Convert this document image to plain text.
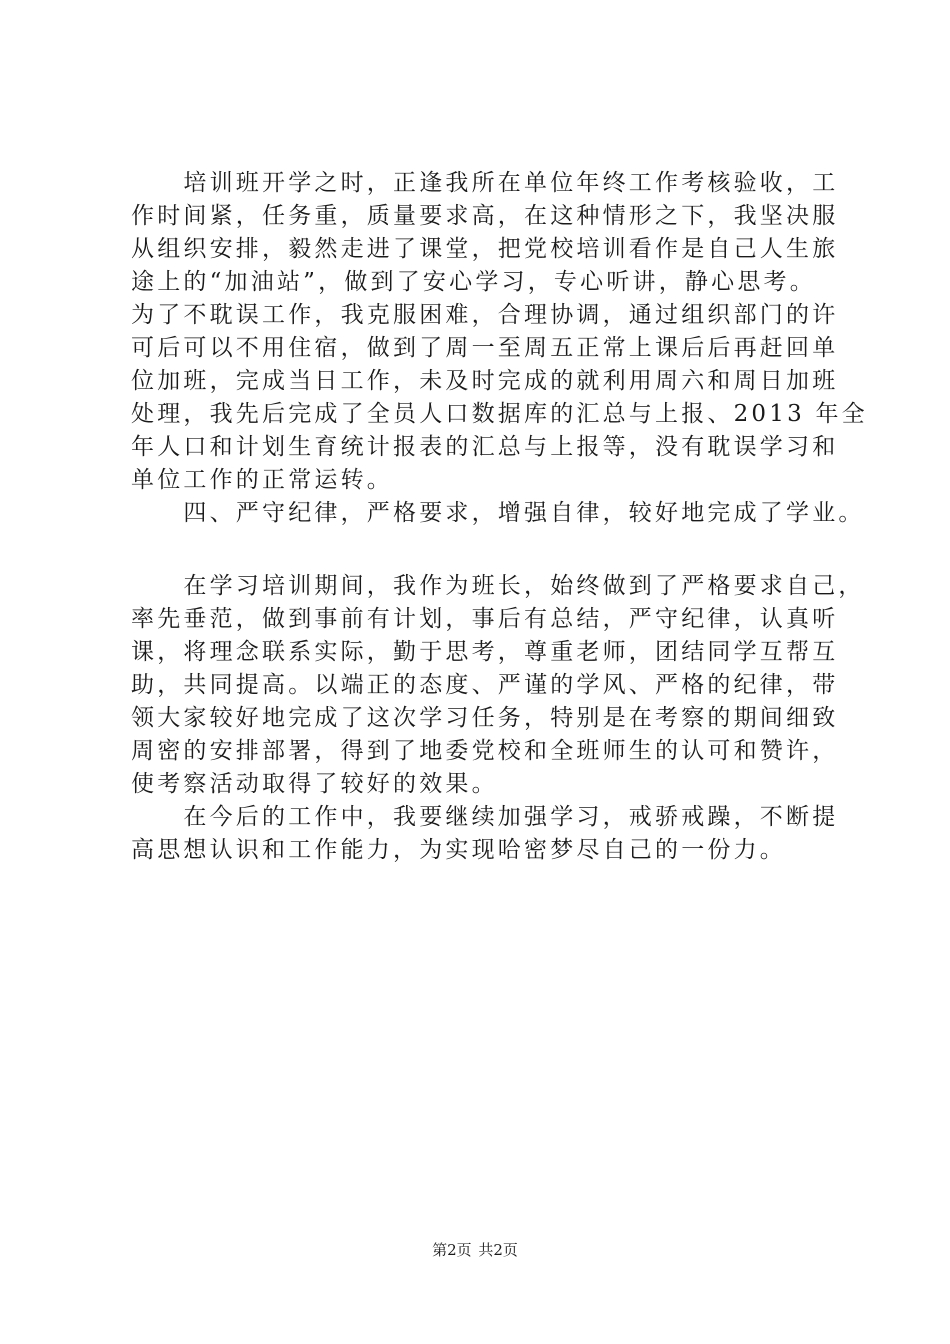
　　培训班开学之时，正逢我所在单位年终工作考核验收，工
作时间紧，任务重，质量要求高，在这种情形之下，我坚决服
从组织安排，毅然走进了课堂，把党校培训看作是自己人生旅
途上的“加油站”，做到了安心学习，专心听讲，静心思考。
为了不耽误工作，我克服困难，合理协调，通过组织部门的许
可后可以不用住宿，做到了周一至周五正常上课后后再赶回单
位加班，完成当日工作，未及时完成的就利用周六和周日加班
处理，我先后完成了全员人口数据库的汇总与上报、2013 年全
年人口和计划生育统计报表的汇总与上报等，没有耽误学习和
单位工作的正常运转。
　　四、严守纪律，严格要求，增强自律，较好地完成了学业。
　　在学习培训期间，我作为班长，始终做到了严格要求自己，
率先垂范，做到事前有计划，事后有总结，严守纪律，认真听
课，将理念联系实际，勤于思考，尊重老师，团结同学互帮互
助，共同提高。以端正的态度、严谨的学风、严格的纪律，带
领大家较好地完成了这次学习任务，特别是在考察的期间细致
周密的安排部署，得到了地委党校和全班师生的认可和赞许，
使考察活动取得了较好的效果。
　　在今后的工作中，我要继续加强学习，戒骄戒躁，不断提
高思想认识和工作能力，为实现哈密梦尽自己的一份力。
第2页 共2页
